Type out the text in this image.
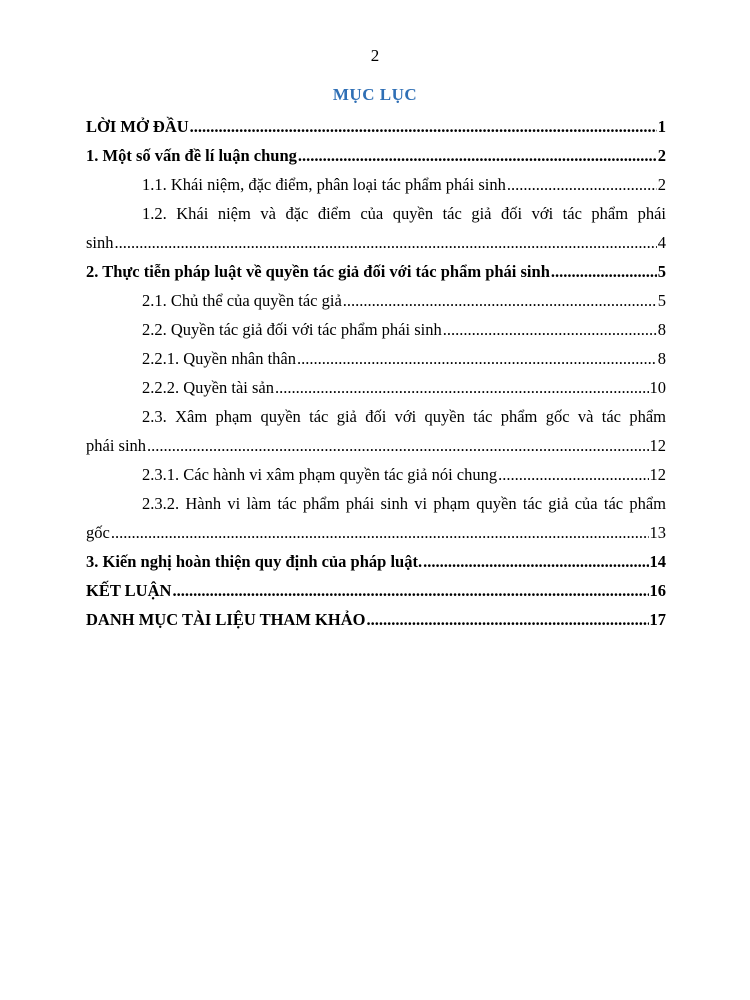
2
MỤC LỤC
LỜI MỞ ĐẦU .....	1
1. Một số vấn đề lí luận chung .....	2
1.1. Khái niệm, đặc điểm, phân loại tác phẩm phái sinh .....	2
1.2. Khái niệm và đặc điểm của quyền tác giả đối với tác phẩm phái
sinh .....	4
2. Thực tiễn pháp luật về quyền tác giả đối với tác phẩm phái sinh .....	5
2.1. Chủ thể của quyền tác giả .....	5
2.2. Quyền tác giả đối với tác phẩm phái sinh .....	8
2.2.1. Quyền nhân thân .....	8
2.2.2. Quyền tài sản .....	10
2.3. Xâm phạm quyền tác giả đối với quyền tác phẩm gốc và tác phẩm
phái sinh .....	12
2.3.1. Các hành vi xâm phạm quyền tác giả nói chung .....	12
2.3.2. Hành vi làm tác phẩm phái sinh vi phạm quyền tác giả của tác phẩm
gốc .....	13
3. Kiến nghị hoàn thiện quy định của pháp luật. .....	14
KẾT LUẬN .....	16
DANH MỤC TÀI LIỆU THAM KHẢO .....	17
